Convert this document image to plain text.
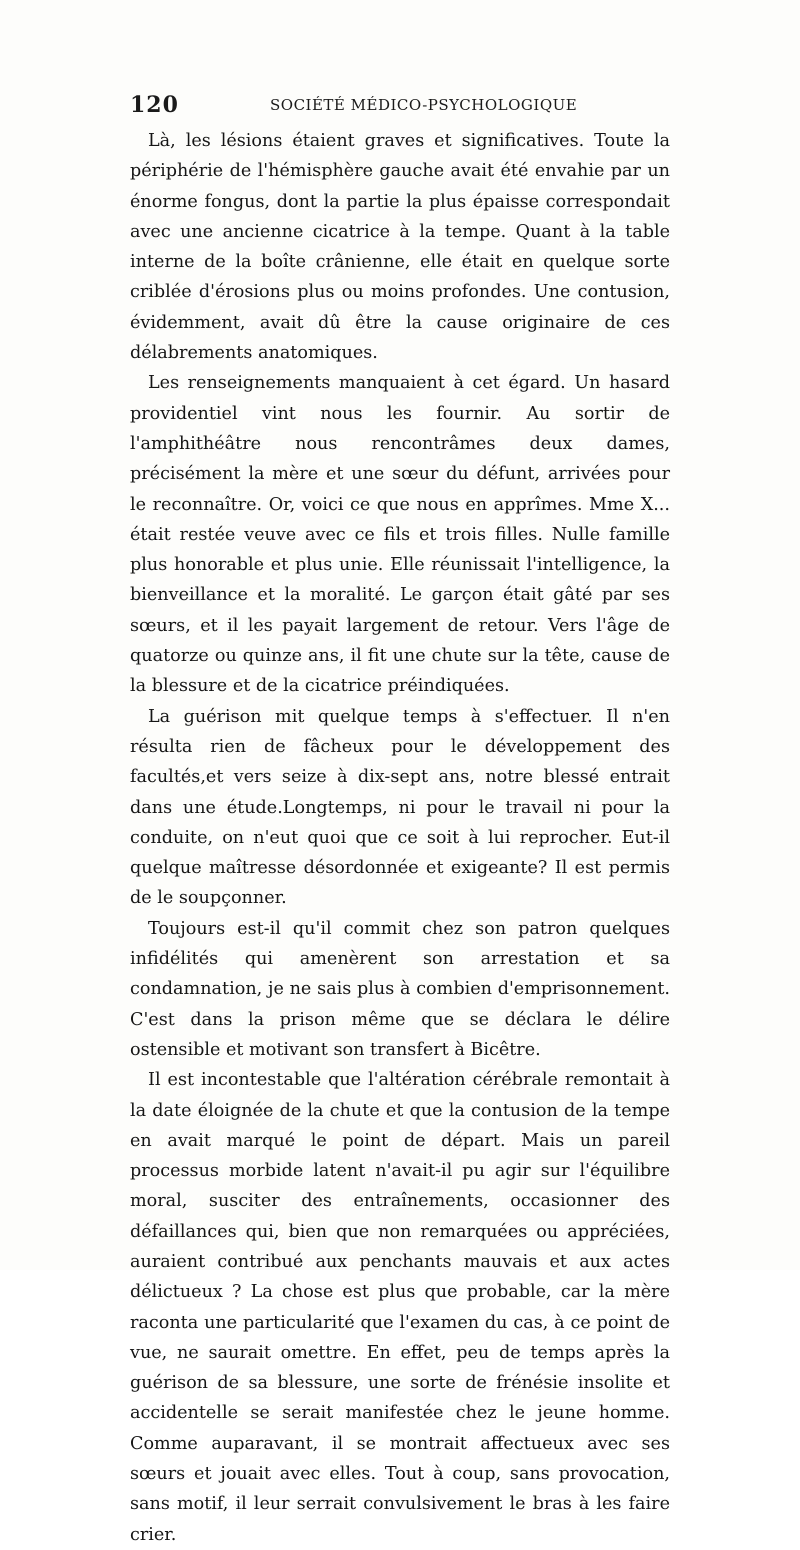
120	SOCIÉTÉ MÉDICO-PSYCHOLOGIQUE

Là, les lésions étaient graves et significatives. Toute la périphérie de l'hémisphère gauche avait été envahie par un énorme fongus, dont la partie la plus épaisse correspondait avec une ancienne cicatrice à la tempe. Quant à la table interne de la boîte crânienne, elle était en quelque sorte criblée d'érosions plus ou moins profondes. Une contusion, évidemment, avait dû être la cause originaire de ces délabrements anatomiques.

Les renseignements manquaient à cet égard. Un hasard providentiel vint nous les fournir. Au sortir de l'amphithéâtre nous rencontrâmes deux dames, précisément la mère et une sœur du défunt, arrivées pour le reconnaître. Or, voici ce que nous en apprîmes. Mme X... était restée veuve avec ce fils et trois filles. Nulle famille plus honorable et plus unie. Elle réunissait l'intelligence, la bienveillance et la moralité. Le garçon était gâté par ses sœurs, et il les payait largement de retour. Vers l'âge de quatorze ou quinze ans, il fit une chute sur la tête, cause de la blessure et de la cicatrice préindiquées.

La guérison mit quelque temps à s'effectuer. Il n'en résulta rien de fâcheux pour le développement des facultés,et vers seize à dix-sept ans, notre blessé entrait dans une étude.Longtemps, ni pour le travail ni pour la conduite, on n'eut quoi que ce soit à lui reprocher. Eut-il quelque maîtresse désordonnée et exigeante? Il est permis de le soupçonner.

Toujours est-il qu'il commit chez son patron quelques infidélités qui amenèrent son arrestation et sa condamnation, je ne sais plus à combien d'emprisonnement. C'est dans la prison même que se déclara le délire ostensible et motivant son transfert à Bicêtre.

Il est incontestable que l'altération cérébrale remontait à la date éloignée de la chute et que la contusion de la tempe en avait marqué le point de départ. Mais un pareil processus morbide latent n'avait-il pu agir sur l'équilibre moral, susciter des entraînements, occasionner des défaillances qui, bien que non remarquées ou appréciées, auraient contribué aux penchants mauvais et aux actes délictueux ? La chose est plus que probable, car la mère raconta une particularité que l'examen du cas, à ce point de vue, ne saurait omettre. En effet, peu de temps après la guérison de sa blessure, une sorte de frénésie insolite et accidentelle se serait manifestée chez le jeune homme. Comme auparavant, il se montrait affectueux avec ses sœurs et jouait avec elles. Tout à coup, sans provocation, sans motif, il leur serrait convulsivement le bras à les faire crier.
